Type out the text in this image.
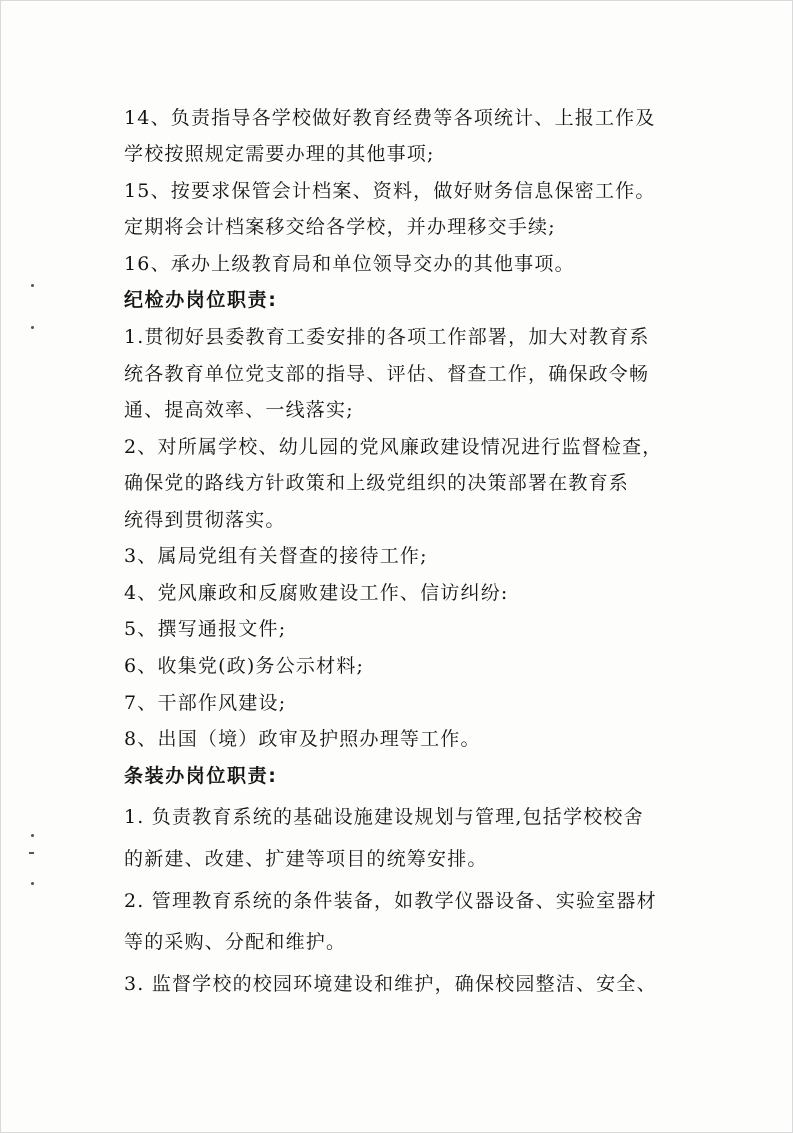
14、负责指导各学校做好教育经费等各项统计、上报工作及
学校按照规定需要办理的其他事项;
15、按要求保管会计档案、资料，做好财务信息保密工作。
定期将会计档案移交给各学校，并办理移交手续;
16、承办上级教育局和单位领导交办的其他事项。
纪检办岗位职责:
1.贯彻好县委教育工委安排的各项工作部署，加大对教育系
统各教育单位党支部的指导、评估、督查工作，确保政令畅
通、提高效率、一线落实;
2、对所属学校、幼儿园的党风廉政建设情况进行监督检查，
确保党的路线方针政策和上级党组织的决策部署在教育系
统得到贯彻落实。
3、属局党组有关督查的接待工作;
4、党风廉政和反腐败建设工作、信访纠纷:
5、撰写通报文件;
6、收集党(政)务公示材料;
7、干部作风建设;
8、出国（境）政审及护照办理等工作。
条装办岗位职责:
1. 负责教育系统的基础设施建设规划与管理,包括学校校舍
的新建、改建、扩建等项目的统筹安排。
2. 管理教育系统的条件装备，如教学仪器设备、实验室器材
等的采购、分配和维护。
3. 监督学校的校园环境建设和维护，确保校园整洁、安全、
